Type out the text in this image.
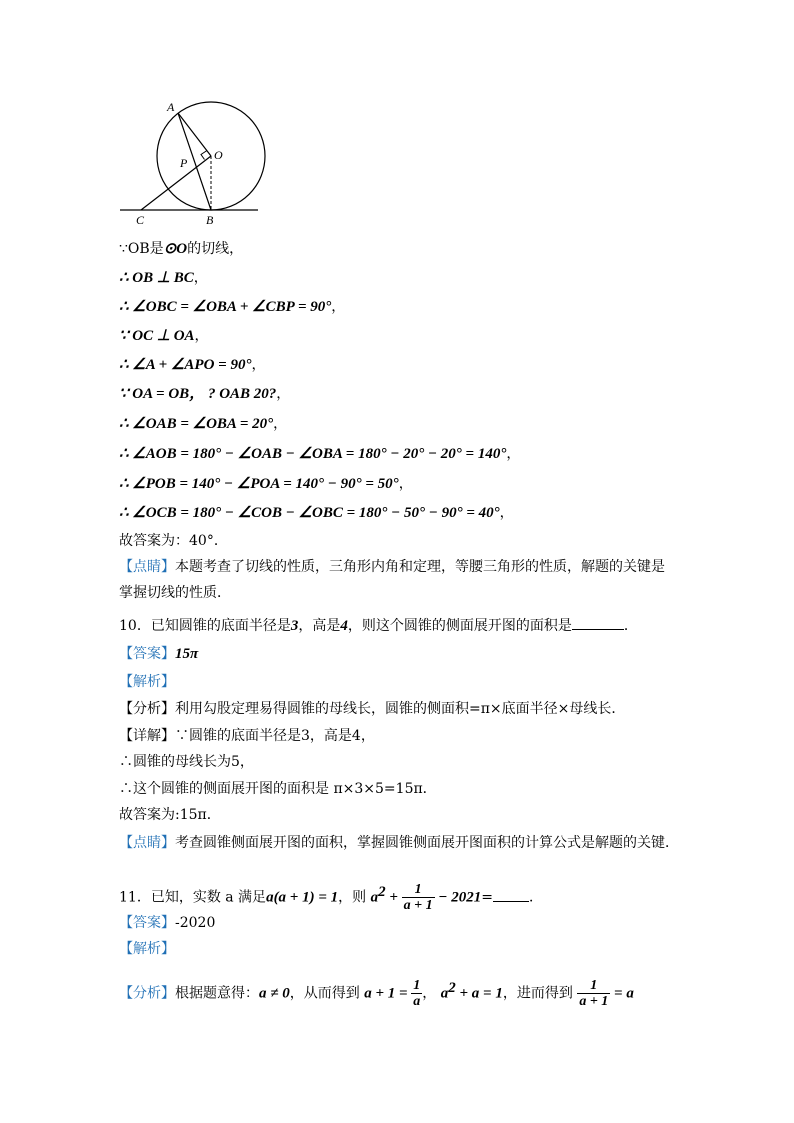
A
O
P
C	B
∵OB是⊙O的切线，
∴ OB ⊥ BC，
∴ ∠OBC = ∠OBA + ∠CBP = 90°，
∵ OC ⊥ OA，
∴ ∠A + ∠APO = 90°，
∵ OA = OB， ? OAB 20?，
∴ ∠OAB = ∠OBA = 20°，
∴ ∠AOB = 180° − ∠OAB − ∠OBA = 180° − 20° − 20° = 140°，
∴ ∠POB = 140° − ∠POA = 140° − 90° = 50°，
∴ ∠OCB = 180° − ∠COB − ∠OBC = 180° − 50° − 90° = 40°，
故答案为：40°．
【点睛】本题考查了切线的性质，三角形内角和定理，等腰三角形的性质，解题的关键是
掌握切线的性质．
10．已知圆锥的底面半径是3，高是4，则这个圆锥的侧面展开图的面积是	．
【答案】15π
【解析】
【分析】利用勾股定理易得圆锥的母线长，圆锥的侧面积=π×底面半径×母线长．
【详解】∵圆锥的底面半径是3，高是4，
∴圆锥的母线长为5，
∴这个圆锥的侧面展开图的面积是 π×3×5=15π．
故答案为:15π．
【点睛】考查圆锥侧面展开图的面积，掌握圆锥侧面展开图面积的计算公式是解题的关键．
11．已知，实数 a 满足a(a + 1) = 1，则 $a^2 + \frac{1}{a + 1} - 2021=$	．
【答案】-2020
【解析】
【分析】根据题意得：a ≠ 0，从而得到 $a + 1 = \frac{1}{a}$ ， $a^2 + a = 1$，进而得到 $\frac{1}{a + 1} = a$
